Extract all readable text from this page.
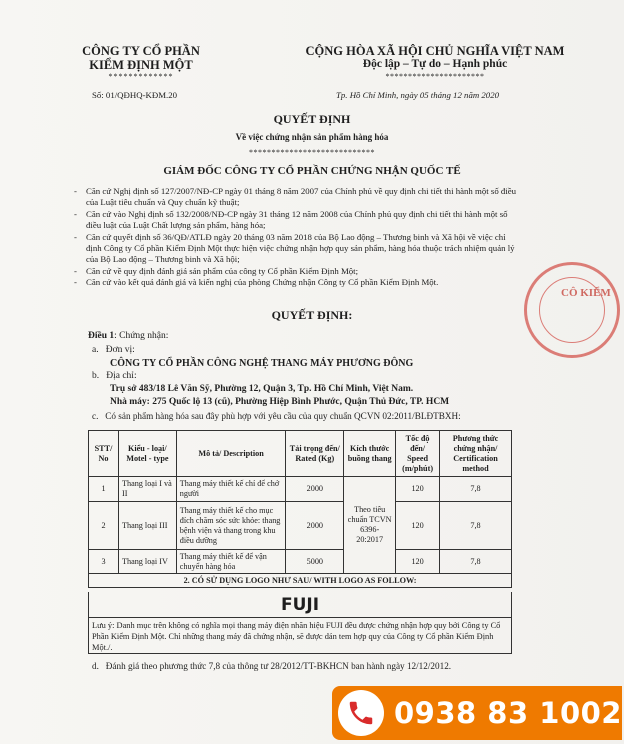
CÔNG TY CỔ PHẦN
KIỂM ĐỊNH MỘT
*************
Số: 01/QĐHQ-KĐM.20
CỘNG HÒA XÃ HỘI CHỦ NGHĨA VIỆT NAM
Độc lập – Tự do – Hạnh phúc
**********************
Tp. Hồ Chí Minh, ngày 05 tháng 12 năm 2020
QUYẾT ĐỊNH
Về việc chứng nhận sản phẩm hàng hóa
****************************
GIÁM ĐỐC CÔNG TY CỔ PHẦN CHỨNG NHẬN QUỐC TẾ
-	Căn cứ Nghị định số 127/2007/NĐ-CP ngày 01 tháng 8 năm 2007 của Chính phủ về quy định chi tiết thi hành một số điều của Luật tiêu chuẩn và Quy chuẩn kỹ thuật;
-	Căn cứ vào Nghị định số 132/2008/NĐ-CP ngày 31 tháng 12 năm 2008 của Chính phủ quy định chi tiết thi hành một số điều luật của Luật Chất lượng sản phẩm, hàng hóa;
-	Căn cứ quyết định số 36/QĐ/ATLĐ ngày 20 tháng 03 năm 2018 của Bộ Lao động – Thương binh và Xã hội về việc chỉ định Công ty Cổ phần Kiểm Định Một thực hiện việc chứng nhận hợp quy sản phẩm, hàng hóa thuộc trách nhiệm quản lý của Bộ Lao động – Thương binh và Xã hội;
-	Căn cứ về quy định đánh giá sản phẩm của công ty Cổ phần Kiểm Định Một;
-	Căn cứ vào kết quả đánh giá và kiến nghị của phòng Chứng nhận Công ty Cổ phần Kiểm Định Một.
QUYẾT ĐỊNH:
Điều 1: Chứng nhận:
a. Đơn vị:
CÔNG TY CỔ PHẦN CÔNG NGHỆ THANG MÁY PHƯƠNG ĐÔNG
b. Địa chỉ:
Trụ sở 483/18 Lê Văn Sỹ, Phường 12, Quận 3, Tp. Hồ Chí Minh, Việt Nam.
Nhà máy: 275 Quốc lộ 13 (cũ), Phường Hiệp Bình Phước, Quận Thủ Đức, TP. HCM
c. Có sản phẩm hàng hóa sau đây phù hợp với yêu cầu của quy chuẩn QCVN 02:2011/BLĐTBXH:
STT/ No	Kiểu - loại/ Motel - type	Mô tả/ Description	Tải trọng đến/ Rated (Kg)	Kích thước buồng thang	Tốc độ đến/ Speed (m/phút)	Phương thức chứng nhận/ Certification method
1	Thang loại I và II	Thang máy thiết kế chỉ để chở người	2000	Theo tiêu chuẩn TCVN 6396-20:2017	120	7,8
2	Thang loại III	Thang máy thiết kế cho mục đích chăm sóc sức khỏe: thang bệnh viện và thang trong khu điều dưỡng	2000		120	7,8
3	Thang loại IV	Thang máy thiết kế để vận chuyển hàng hóa	5000		120	7,8
2. CÓ SỬ DỤNG LOGO NHƯ SAU/ WITH LOGO AS FOLLOW:						
FUJI
Lưu ý: Danh mục trên không có nghĩa mọi thang máy điện nhãn hiệu FUJI đều được chứng nhận hợp quy bởi Công ty Cổ Phần Kiểm Định Một. Chỉ những thang máy đã chứng nhận, sẽ được dán tem hợp quy của Công ty Cổ phần Kiểm Định Một./.
d. Đánh giá theo phương thức 7,8 của thông tư 28/2012/TT-BKHCN ban hành ngày 12/12/2012.
CÔ KIỂM
0938 83 1002
